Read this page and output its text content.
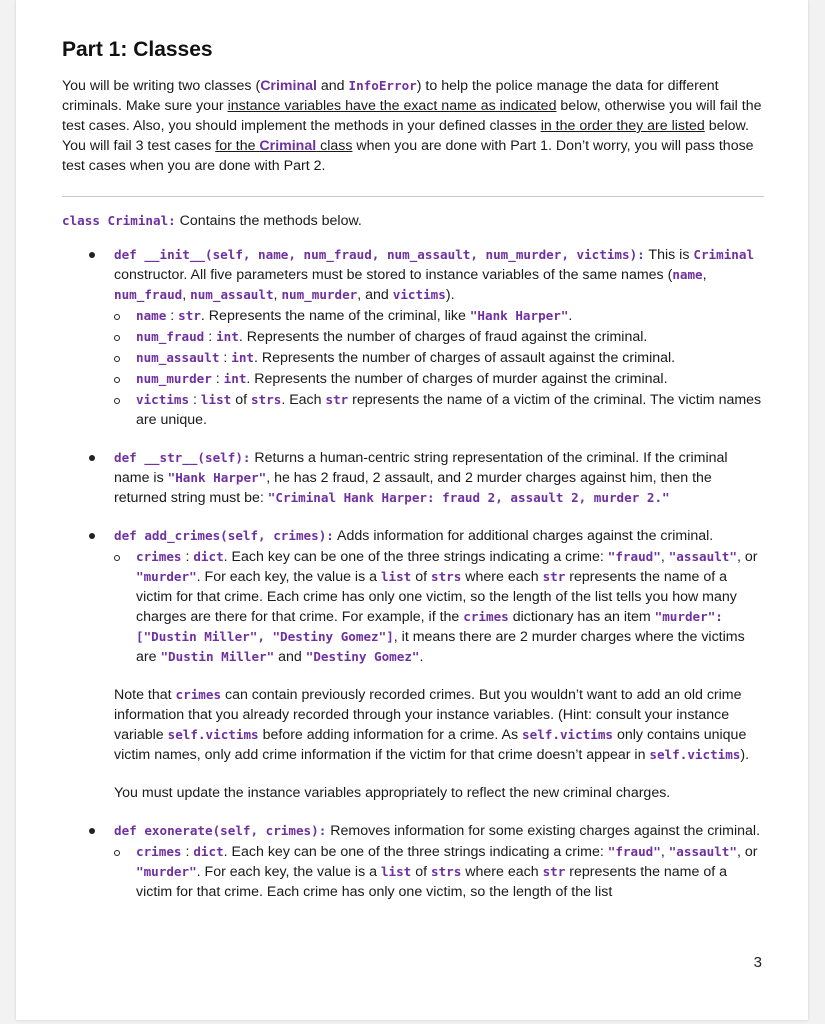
Part 1: Classes

You will be writing two classes (Criminal and InfoError) to help the police manage the data for different criminals. Make sure your instance variables have the exact name as indicated below, otherwise you will fail the test cases. Also, you should implement the methods in your defined classes in the order they are listed below. You will fail 3 test cases for the Criminal class when you are done with Part 1. Don’t worry, you will pass those test cases when you are done with Part 2.

class Criminal: Contains the methods below.

def __init__(self, name, num_fraud, num_assault, num_murder, victims): This is Criminal constructor. All five parameters must be stored to instance variables of the same names (name, num_fraud, num_assault, num_murder, and victims).

name : str. Represents the name of the criminal, like "Hank Harper".

num_fraud : int. Represents the number of charges of fraud against the criminal.

num_assault : int. Represents the number of charges of assault against the criminal.

num_murder : int. Represents the number of charges of murder against the criminal.

victims : list of strs. Each str represents the name of a victim of the criminal. The victim names are unique.

def __str__(self): Returns a human-centric string representation of the criminal. If the criminal name is "Hank Harper", he has 2 fraud, 2 assault, and 2 murder charges against him, then the returned string must be: "Criminal Hank Harper: fraud 2, assault 2, murder 2."

def add_crimes(self, crimes): Adds information for additional charges against the criminal.

crimes : dict. Each key can be one of the three strings indicating a crime: "fraud", "assault", or "murder". For each key, the value is a list of strs where each str represents the name of a victim for that crime. Each crime has only one victim, so the length of the list tells you how many charges are there for that crime. For example, if the crimes dictionary has an item "murder": ["Dustin Miller", "Destiny Gomez"], it means there are 2 murder charges where the victims are "Dustin Miller" and "Destiny Gomez".

Note that crimes can contain previously recorded crimes. But you wouldn’t want to add an old crime information that you already recorded through your instance variables. (Hint: consult your instance variable self.victims before adding information for a crime. As self.victims only contains unique victim names, only add crime information if the victim for that crime doesn’t appear in self.victims).

You must update the instance variables appropriately to reflect the new criminal charges.

def exonerate(self, crimes): Removes information for some existing charges against the criminal.

crimes : dict. Each key can be one of the three strings indicating a crime: "fraud", "assault", or "murder". For each key, the value is a list of strs where each str represents the name of a victim for that crime. Each crime has only one victim, so the length of the list

3
